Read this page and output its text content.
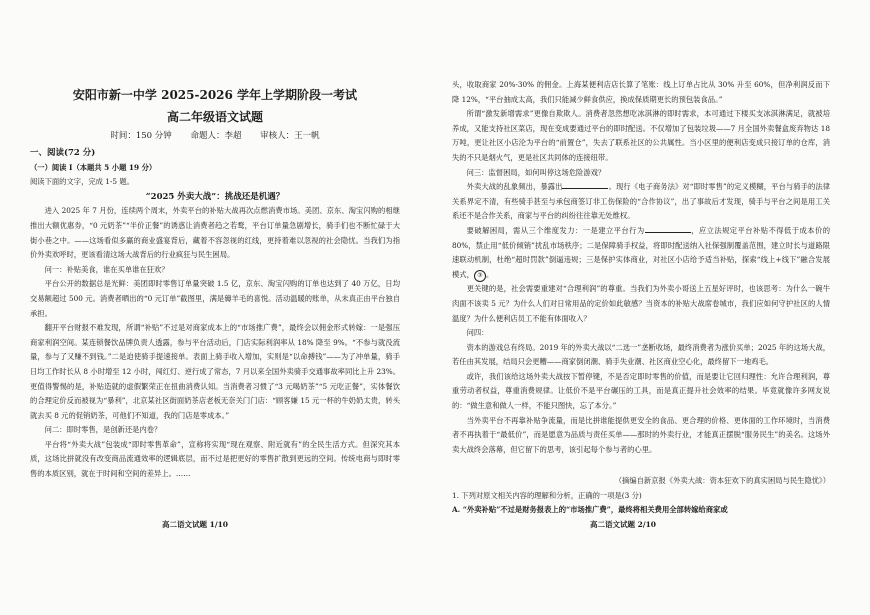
安阳市新一中学 2025-2026 学年上学期阶段一考试
高二年级语文试题
时间：150 分钟 命题人：李超 审核人：王一帆
一、阅读(72 分)
（一）阅读 I（本题共 5 小题 19 分）
阅读下面的文字，完成 1-5 题。
“2025 外卖大战”：挑战还是机遇？

进入 2025 年 7 月份，连续两个周末，外卖平台的补贴大战再次点燃消费市场。美团、京东、淘宝闪购的相继推出大额优惠券，“0 元奶茶”“半价正餐”的诱惑让消费者趋之若鹜，平台订单量急剧增长，骑手们也不断忙碌于大街小巷之中。——这场看似多赢的商业盛宴背后，藏着不容忽视的红线，更持着难以忽视的社会隐忧。当我们为指价外卖欢呼时，更该看清这场大战背后的行业疯狂与民生困局。

问一：补贴美食，谁在买单谁在狂欢？

平台公开的数据总是光鲜：美团即时零售订单量突破 1.5 亿，京东、淘宝闪购的订单也达到了 40 万亿，日均交易额超过 500 元。消费者晒出的“0 元订单”截图里，满是薅羊毛的喜悦。活动温暖的账单，从未真正由平台独自承担。

翻开平台财报不难发现，所谓“补贴”不过是对商家成本上的“市场推广费”，最终会以佣金形式转嫁：一是强压商家利润空间。某连锁餐饮品牌负责人透露，参与平台活动后，门店实际利润率从 18% 降至 9%。“不参与就没流量，参与了又赚不到钱。”二是迫使骑手提速接单。表面上骑手收入增加，实则是“以命搏钱”——为了冲单量，骑手日均工作时长从 8 小时增至 12 小时，闯红灯、逆行成了常态，7 月以来全国外卖骑手交通事故率同比上升 23%。更值得警惕的是，补贴造就的虚假繁荣正在扭曲消费认知。当消费者习惯了“3 元喝奶茶”“5 元吃正餐”，实体餐饮的合理定价反而被视为“暴利”，北京某社区街面奶茶店老板无奈关门门店：“顾客嫌 15 元一杯的牛奶奶太贵，转头就去买 8 元的促销奶茶，可他们不知道，我的门店是零成本。”

问二：即时零售，是创新还是内卷？

平台将“外卖大战”包装成“即时零售革命”，宣称将实现“现在观察、附近就有”的全民生活方式。但深究其本质，这场比拼就没有改变商品流通效率的逻辑底层，而不过是把更好的零售扩散到更远的空间。传统电商与即时零售的本质区别，就在于时间和空间的差异上。……

头，收取商家 20%-30% 的佣金。上海某便利店店长算了笔账：线上订单占比从 30% 升至 60%，但净利润反而下降 12%，“平台抽成太高，我们只能减少鲜食供应，换成保质期更长的预包装食品。”

所谓“激发新增需求”更像自欺欺人。消费者忽然想吃冰淇淋的即时需求，本可通过下楼买支冰淇淋满足，就被培养成，又能支持社区菜店，现在变成要通过平台的即时配送。不仅增加了包装垃圾——7 月全国外卖餐盒废弃物达 18 万吨，更让社区小店沦为平台的“前置仓”，失去了联系社区的公共属性。当小区里的便利店变成只接订单的仓库，消失的不只是烟火气，更是社区共同体的连接纽带。

问三：监督困局，如何叫停这场危险游戏？

外卖大战的乱象频出，暴露出	。现行《电子商务法》对“即时零售”的定义模糊，平台与骑手的法律关系界定不清，有些骑手甚至与承包商签订非工伤保险的“合作协议”，出了事故后才发现，骑手与平台之间是用工关系还不是合作关系，商家与平台的纠纷往往靠无处维权。

要破解困局，需从三个维度发力：一是建立平台行为	，应立法规定平台补贴不得低于成本价的 80%，禁止用“低价倾销”扰乱市场秩序；二是保障骑手权益，将即时配送纳入社保强制覆盖范围，建立时长与道路限速联动机制，杜绝“超时罚款”倒逼违规；三是保护实体商业，对社区小店给予适当补贴，探索“线上+线下”融合发展模式， ③ 。

更关键的是，社会需要重建对“合理利润”的尊重。当我们为外卖小哥送上五星好评时，也该思考：为什么一碗牛肉面不该卖 5 元？为什么人们对日常用品的定价如此敏感？当资本的补贴大战席卷城市，我们应如何守护社区的人情温度？为什么便利店员工不能有体面收入？

问四：

资本的游戏总有终局。2019 年的外卖大战以“二选一”垄断收场，最终消费者为涨价买单；2025 年的这场大战，若任由其发展，结局只会更糟——商家倒闭潮、骑手失业潮、社区商业空心化，最终留下一地鸡毛。

或许，我们该给这场外卖大战按下暂停键，不是否定即时零售的价值，而是要让它回归理性：允许合理利润，尊重劳动者权益，尊重消费规律。让低价不是平台碾压的工具，而是真正提升社会效率的结果。毕竟就像许多网友说的：“做生意和做人一样，不能只图快，忘了本分。”

当外卖平台不再靠补贴争流量，而是比拼谁能提供更安全的食品、更合理的价格、更体面的工作环境时，当消费者不再执着于“最低价”，而是愿意为品质与责任买单——那时的外卖行业，才能真正摆脱“服务民生”的美名。这场外卖大战终会落幕，但它留下的思考，该引起每个参与者的心里。

（摘编自新京报《外卖大战：资本狂欢下的真实困局与民生隐忧》）

1. 下列对原文相关内容的理解和分析，正确的一项是(3 分)

A. “外卖补贴”不过是财务报表上的“市场推广费”，最终将相关费用全部转嫁给商家或

高二语文试题 1/10	高二语文试题 2/10
